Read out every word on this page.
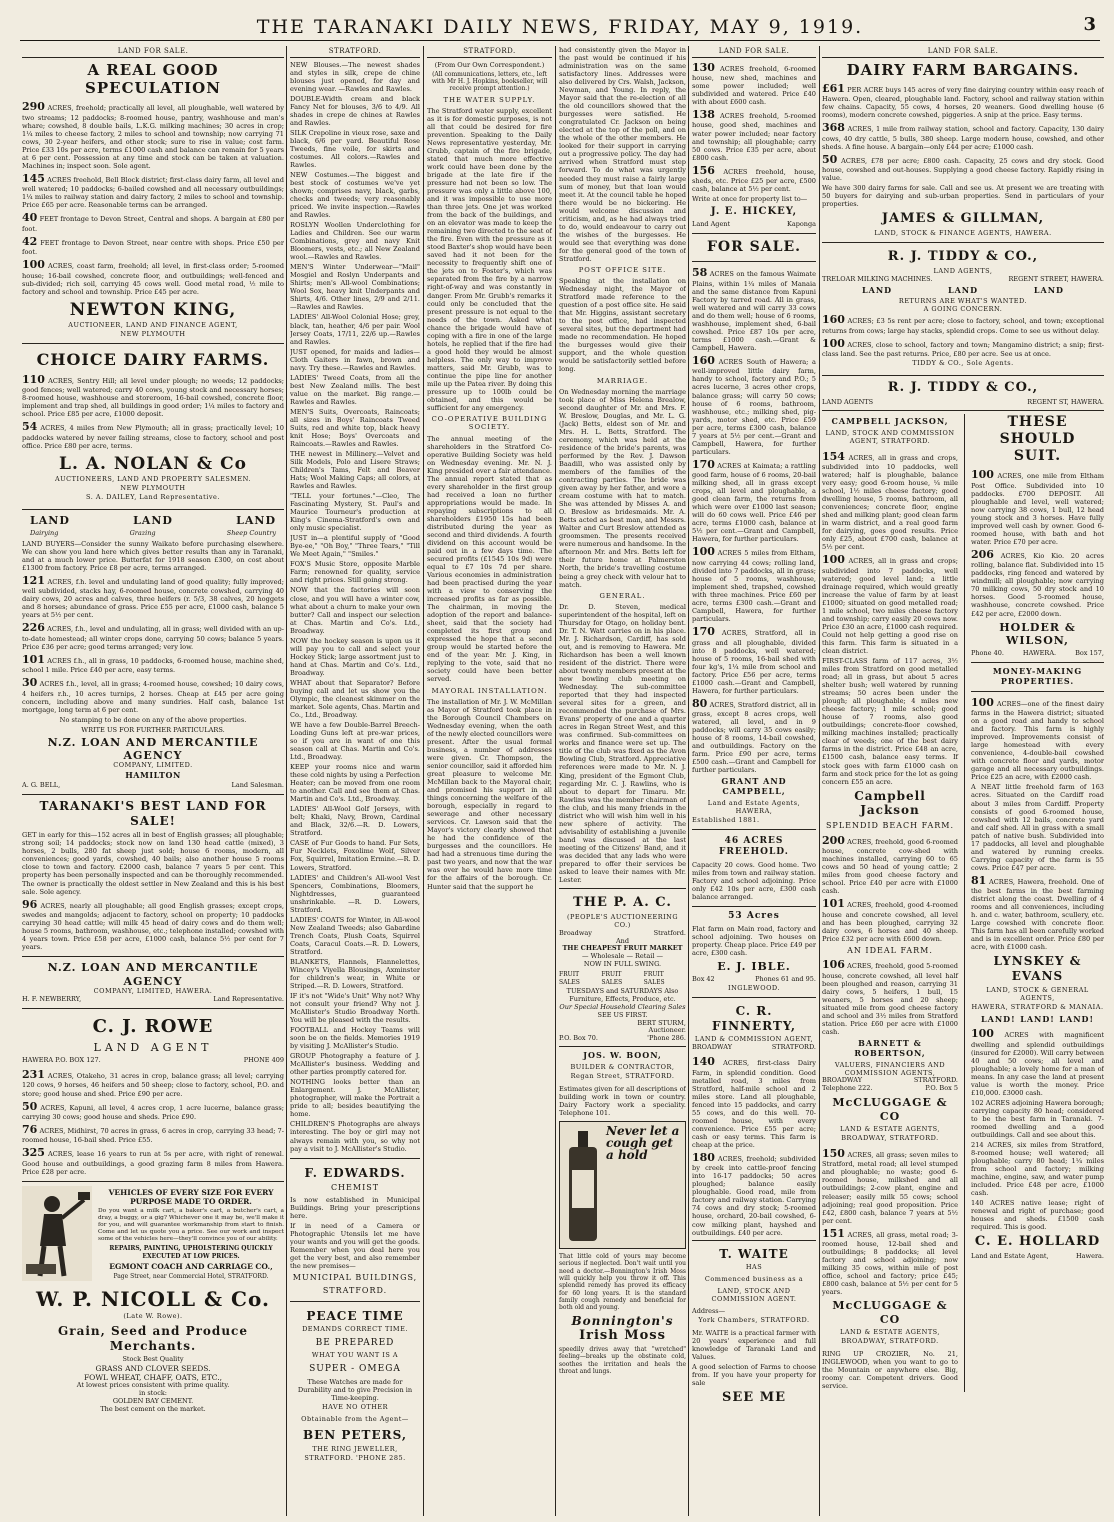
THE TARANAKI DAILY NEWS, FRIDAY, MAY 9, 1919.	3
LAND FOR SALE.
A REAL GOOD SPECULATION

290 ACRES, freehold; practically all level, all ploughable, well watered by two streams; 12 paddocks; 8-roomed house, pantry, washhouse and man's whare; cowshed, 8 double bails, L.K.G. milking machines; 30 acres in crop; 1¼ miles to cheese factory, 2 miles to school and township; now carrying 71 cows, 30 2-year heifers, and other stock; sure to rise in value; cost farm. Price £33 10s per acre, terms £1000 cash and balance can remain for 5 years at 6 per cent. Possession at any time and stock can be taken at valuation. Machines in; inspect soon. Sole agent.

145 ACRES freehold, Bell Block district; first-class dairy farm, all level and well watered; 10 paddocks; 6-bailed cowshed and all necessary outbuildings; 1¼ miles to railway station and dairy factory, 2 miles to school and township. Price £65 per acre. Reasonable terms can be arranged.

40 FEET frontage to Devon Street, Central and shops. A bargain at £80 per foot.

42 FEET frontage to Devon Street, near centre with shops. Price £50 per foot.

100 ACRES, coast farm, freehold; all level, in first-class order; 5-roomed house; 16-bail cowshed, concrete floor, and outbuildings; well-fenced and sub-divided; rich soil, carrying 45 cows well. Good metal road, ½ mile to factory and school and township. Price £45 per acre.

NEWTON KING,
AUCTIONEER, LAND AND FINANCE AGENT,
NEW PLYMOUTH
CHOICE DAIRY FARMS.

110 ACRES, Sentry Hill; all level under plough; no weeds; 12 paddocks; good fences; well watered; carry 40 cows, young stock and necessary horses; 8-roomed house, washhouse and storeroom, 16-bail cowshed, concrete floor, implement and trap shed, all buildings in good order; 1¼ miles to factory and school. Price £85 per acre, £1000 deposit.

54 ACRES, 4 miles from New Plymouth; all in grass; practically level; 10 paddocks watered by never failing streams, close to factory, school and post office. Price £80 per acre, terms.

L. A. NOLAN & Co
AUCTIONEERS, LAND AND PROPERTY SALESMEN.
NEW PLYMOUTH
S. A. DAILEY, Land Representative.
LAND	LAND	LAND
Dairying	Grazing	Sheep Country

LAND BUYERS—Consider the sunny Waikato before purchasing elsewhere. We can show you land here which gives better results than any in Taranaki, and at a much lower price. Butterfat for 1918 season £300, on cost about £1300 from factory. Price £8 per acre, terms arranged.

121 ACRES, f.h. level and undulating land of good quality; fully improved; well subdivided, stacks hay, 6-roomed house, concrete cowshed, carrying 40 dairy cows, 20 acres and calves, three heifers (r. 5/3, 38 calves, 20 hoggets and 8 horses; abundance of grass. Price £55 per acre, £1000 cash, balance 5 years at 5½ per cent.

226 ACRES, f.h., level and undulating, all in grass; well divided with an up-to-date homestead; all winter crops done, carrying 50 cows; balance 5 years. Price £36 per acre; good terms arranged; very low.

101 ACRES f.h., all in grass, 10 paddocks, 6-roomed house, machine shed, school 1 mile. Price £40 per acre, easy terms.

30 ACRES f.h., level, all in grass; 4-roomed house, cowshed; 10 dairy cows, 4 heifers r.h., 10 acres turnips, 2 horses. Cheap at £45 per acre going concern, including above and many sundries. Half cash, balance 1st mortgage, long term at 6 per cent.

No stamping to be done on any of the above properties.

WRITE US FOR FURTHER PARTICULARS.

N.Z. LOAN AND MERCANTILE AGENCY
COMPANY, LIMITED.
HAMILTON
A. G. BELL,	Land Salesman.
TARANAKI'S BEST LAND FOR SALE!

GET in early for this—152 acres all in best of English grasses; all ploughable; strong soil; 14 paddocks; stock now on land 130 head cattle (mixed), 3 horses, 2 bulls, 280 fat sheep just sold; house 6 rooms, modern, all conveniences; good yards, cowshed, 40 bails; also another house 5 rooms close to town and factory. £2000 cash, balance 7 years 5 per cent. This property has been personally inspected and can be thoroughly recommended. The owner is practically the oldest settler in New Zealand and this is his best sale. Sole agency.

96 ACRES, nearly all ploughable; all good English grasses; except crops, swedes and mangolds; adjacent to factory, school on property; 10 paddocks carrying 30 head cattle; will milk 45 head of dairy cows and do them well; house 5 rooms, bathroom, washhouse, etc.; telephone installed; cowshed with 4 years town. Price £58 per acre, £1000 cash, balance 5½ per cent for 7 years.

N.Z. LOAN AND MERCANTILE AGENCY
COMPANY, LIMITED, HAWERA.
H. F. NEWBERRY,	Land Representative.
C. J. ROWE
LAND AGENT
HAWERA P.O. BOX 127.	PHONE 409

231 ACRES, Otakeho, 31 acres in crop, balance grass; all level; carrying 120 cows, 9 horses, 46 heifers and 50 sheep; close to factory, school, P.O. and store; good house and shed. Price £90 per acre.

50 ACRES, Kapuni, all level, 4 acres crop, 1 acre lucerne, balance grass; carrying 30 cows; good house and sheds. Price £90.

76 ACRES, Midhirst, 70 acres in grass, 6 acres in crop, carrying 33 head; 7-roomed house, 16-bail shed. Price £55.

325 ACRES, lease 16 years to run at 5s per acre, with right of renewal. Good house and outbuildings, a good grazing farm 8 miles from Hawera. Price £28 per acre.

VEHICLES OF EVERY SIZE FOR EVERY PURPOSE MADE TO ORDER.

Do you want a milk cart, a baker's cart, a butcher's cart, a dray, a buggy, or a gig? Whichever one it may be, we'll make it for you, and will guarantee workmanship from start to finish. Come and let us quote you a price. See our work and inspect some of the vehicles here—they'll convince you of our ability.

REPAIRS, PAINTING, UPHOLSTERING QUICKLY EXECUTED AT LOW PRICES.

EGMONT COACH AND CARRIAGE CO.,

Page Street, near Commercial Hotel, STRATFORD.

W. P. NICOLL & Co.
(Late W. Rowe).
Grain, Seed and Produce Merchants.
Stock Best Quality
GRASS AND CLOVER SEEDS.
FOWL WHEAT, CHAFF, OATS, ETC.,
At lowest prices consistent with prime quality.
in stock:
GOLDEN BAY CEMENT.
The best cement on the market.
STRATFORD.

NEW Blouses.—The newest shades and styles in silk, crepe de chine blouses just opened, for day and evening wear. —Rawles and Rawles.

DOUBLE-Width cream and black Fancy Net for blouses, 3/6 to 4/9. All shades in crepe de chines at Rawles and Rawles.

SILK Crepoline in vieux rose, saxe and black, 6/6 per yard. Beautiful Rose Tweeds, fine voile, for skirts and costumes. All colors.—Rawles and Rawles.

NEW Costumes.—The biggest and best stock of costumes we've yet shown; comprises navy, black, garbs, checks and tweeds; very reasonably priced. We invite inspection.—Rawles and Rawles.

ROSLYN Woollen Underclothing for Ladies and Children. See our warm Combinations, grey and navy Knit Bloomers, vests, etc.; all New Zealand wool.—Rawles and Rawles.

MEN'S Winter Underwear—"Mail" Mosgiel and Roslyn Underpants and Shirts; men's All-wool Combinations; Wool Sox, heavy knit Underpants and Shirts, 4/6. Other lines, 2/9 and 2/11.—Rawles and Rawles.

LADIES' All-Wool Colonial Hose; grey, black, tan, heather, 4/6 per pair. Wool Jersey Coats, 17/11, 22/6 up.—Rawles and Rawles.

JUST opened, for maids and ladies—Cloth Gaiters in fawn, brown and navy. Try these.—Rawles and Rawles.

LADIES' Tweed Coats, from all the best New Zealand mills. The best value on the market. Big range.—Rawles and Rawles.

MEN'S Suits, Overcoats, Raincoats; all sizes in Boys' Raincoats Tweed Suits, red and white top, black heavy knit Hose; Boys' Overcoats and Raincoats.—Rawles and Rawles.

THE newest in Millinery.—Velvet and Silk Models, Polo and Lisere Straws; Children's Tams, Felt and Beaver Hats; Wool Making Caps; all colors, at Rawles and Rawles.

"TELL your fortunes."—Cleo, The Fascinating Mystery, St. Paul's and Maurice Tourneur's production at King's Cinema-Stratford's own and only music specialist.

JUST in—a plentiful supply of "Good Bye-ee," "Oh Boy," "Three Tears," "Till We Meet Again," "Smiles."

FOX'S Music Store, opposite Marble Farm; renowned for quality, service and right prices. Still going strong.

NOW that the factories will soon close, and you will have a winter cow, what about a churn to make your own butter? Call and inspect our selection at Chas. Martin and Co's. Ltd., Broadway.

NOW the hockey season is upon us it will pay you to call and select your Hockey Stick; large assortment just to hand at Chas. Martin and Co's. Ltd., Broadway.

WHAT about that Separator? Before buying call and let us show you the Olympic, the cleanest skimmer on the market. Sole agents, Chas. Martin and Co., Ltd., Broadway.

WE have a few Double-Barrel Breech-Loading Guns left at pre-war prices, so if you are in want of one this season call at Chas. Martin and Co's. Ltd., Broadway.

KEEP your rooms nice and warm these cold nights by using a Perfection Heater; can be moved from one room to another. Call and see them at Chas. Martin and Co's. Ltd., Broadway.

LADIES' All-Wool Golf Jerseys, with belt; Khaki, Navy, Brown, Cardinal and Black, 32/6.—R. D. Lowers, Stratford.

CASE of Fur Goods to hand. Fur Sets, Fur Necklets, Foxolime Wolf, Silver Fox, Squirrel, Imitation Ermine.—R. D. Lowers, Stratford.

LADIES' and Children's All-wool Vest Spencers, Combinations, Bloomers, Nightdresses, guaranteed unshrinkable. —R. D. Lowers, Stratford.

LADIES' COATS for Winter, in All-wool New Zealand Tweeds; also Gabardine Trench Coats, Plush Coats, Squirrel Coats, Caracul Coats.—R. D. Lowers, Stratford.

BLANKETS, Flannels, Flannelettes, Wincey's Viyella Blousings, Axminster for children's wear, in White or Striped.—R. D. Lowers, Stratford.

IF it's not "Wide's Unit" Why not? Why not consult your friend? Why not J. McAllister's Studio Broadway North. You will be pleased with the results.

FOOTBALL and Hockey Teams will soon be on the fields. Memories 1919 by visiting J. McAllister's Studio.

GROUP Photography a feature of J. McAllister's business. Wedding and other parties promptly catered for.

NOTHING looks better than an Enlargement. J. McAllister, photographer, will make the Portrait a pride to all; besides beautifying the home.

CHILDREN'S Photographs are always interesting. The boy or girl may not always remain with you, so why not pay a visit to J. McAllister's Studio.

F. EDWARDS.
CHEMIST

Is now established in Municipal Buildings. Bring your prescriptions here.

If in need of a Camera or Photographic Utensils let me have your wants and you will get the goods. Remember when you deal here you get the very best, and also remember the new premises—

MUNICIPAL BUILDINGS,
STRATFORD.
PEACE TIME
DEMANDS CORRECT TIME.
BE PREPARED
WHAT YOU WANT IS A
SUPER - OMEGA

These Watches are made for Durability and to give Precision in Time-keeping.

HAVE NO OTHER
Obtainable from the Agent—
BEN PETERS,
THE RING JEWELLER,
STRATFORD. 'PHONE 285.
STRATFORD.

(From Our Own Correspondent.)

(All communications, letters, etc., left with Mr H. J. Hopkins, bookseller, will receive prompt attention.)

THE WATER SUPPLY.

The Stratford water supply, excellent as it is for domestic purposes, is not all that could be desired for fire prevention. Speaking to the Daily News representative yesterday, Mr. Grubb, captain of the fire brigade, stated that much more effective work could have been done by the brigade at the late fire if the pressure had not been so low. The pressure was only a little above 100, and it was impossible to use more than three jets. One jet was worked from the back of the buildings, and on an elevator was made to keep the remaining two directed to the seat of the fire. Even with the pressure as it stood Baxter's shop would have been saved had it not been for the necessity to frequently shift one of the jets on to Foster's, which was separated from the fire by a narrow right-of-way and was constantly in danger. From Mr. Grubb's remarks it could only be concluded that the present pressure is not equal to the needs of the town. Asked what chance the brigade would have of coping with a fire in one of the large hotels, he replied that if the fire had a good hold they would be almost helpless. The only way to improve matters, said Mr. Grubb, was to continue the pipe line for another mile up the Patea river. By doing this pressure up to 100lb could be obtained, and this would be sufficient for any emergency.

CO-OPERATIVE BUILDING SOCIETY.

The annual meeting of the shareholders in the Stratford Co-operative Building Society was held on Wednesday evening. Mr. N. J. King presided over a fair attendance. The annual report stated that as every shareholder in the first group had received a loan no further appropriations would be made. In repaying subscriptions to all shareholders £1950 15s had been distributed during the year as second and third dividends. A fourth dividend on this account would be paid out in a few days time. The secured profits (£1545 10s 9d) were equal to £7 10s 7d per share. Various economies in administration had been practised during the year with a view to conserving the increased profits as far as possible. The chairman, in moving the adoption of the report and balance-sheet, said that the society had completed its first group and expressed the hope that a second group would be started before the end of the year. Mr. J. King, in replying to the vote, said that no society could have been better served.

MAYORAL INSTALLATION.

The installation of Mr. J. W. McMillan as Mayor of Stratford took place in the Borough Council Chambers on Wednesday evening, when the oath of the newly elected councillors were present. After the usual formal business, a number of addresses were given. Cr. Thompson, the senior councillor, said it afforded him great pleasure to welcome Mr. McMillan back to the Mayoral chair, and promised his support in all things concerning the welfare of the borough, especially in regard to sewerage and other necessary services. Cr. Lawson said that the Mayor's victory clearly showed that he had the confidence of the burgesses and the councillors. He had had a strenuous time during the past two years, and now that the war was over he would have more time for the affairs of the borough. Cr. Hunter said that the support he

had consistently given the Mayor in the past would be continued if his administration was on the same satisfactory lines. Addresses were also delivered by Crs. Walsh, Jackson, Newman, and Young. In reply, the Mayor said that the re-election of all the old councillors showed that the burgesses were satisfied. He congratulated Cr. Jackson on being elected at the top of the poll, and on the whole of the other members. He looked for their support in carrying out a progressive policy. The day had arrived when Stratford must step forward. To do what was urgently needed they must raise a fairly large sum of money, but that loan would meet it. At the council table he hoped there would be no bickering. He would welcome discussion and criticism, and, as he had always tried to do, would endeavour to carry out the wishes of the burgesses. He would see that everything was done for the general good of the town of Stratford.

POST OFFICE SITE.

Speaking at the installation on Wednesday night, the Mayor of Stratford made reference to the question of a post office site. He said that Mr. Higgins, assistant secretary to the post office, had inspected several sites, but the department had made no recommendation. He hoped the burgesses would give their support, and the whole question would be satisfactorily settled before long.

MARRIAGE.

On Wednesday morning the marriage took place of Miss Helena Brealow, second daughter of Mr. and Mrs. F. W. Breslow, Douglas, and Mr. L. G. (Jack) Betts, eldest son of Mr. and Mrs. H. L. Betts, Stratford. The ceremony, which was held at the residence of the bride's parents, was performed by the Rev. J. Dawson Baadill, who was assisted only by members of the families of the contracting parties. The bride was given away by her father, and wore a cream costume with hat to match. She was attended by Misses A. and O. Breslow as bridesmaids. Mr. A. Betts acted as best man, and Messrs. Walter and Curt Breslow attended as groomsmen. The presents received were numerous and handsome. In the afternoon Mr. and Mrs. Betts left for their future home at Palmerston North, the bride's travelling costume being a grey check with velour hat to match.

GENERAL.

Dr. D. Steven, medical superintendent of the hospital, left on Thursday for Otago, on holiday bent. Dr. T. N. Watt carries on in his place. Mr. J. Richardson, Cardiff, has sold out, and is removing to Hawera. Mr. Richardson has been a well known resident of the district. There were about twenty members present at the new bowling club meeting on Wednesday. The sub-committee reported that they had inspected several sites for a green, and recommended the purchase of Mrs. Evans' property of one and a quarter acres in Regan Street West, and this was confirmed. Sub-committees on works and finance were set up. The title of the club was fixed as the Avon Bowling Club, Stratford. Appreciative references were made to Mr. N. J. King, president of the Egmont Club, regarding Mr. C. J. Rawlins, who is about to depart for Timaru. Mr. Rawlins was the member chairman of the club, and his many friends in the district who will wish him well in his new sphere of activity. The advisability of establishing a juvenile band was discussed at the last meeting of the Citizens' Band, and it was decided that any lads who were prepared to offer their services be asked to leave their names with Mr. Lester.

THE P. A. C.
(PEOPLE'S AUCTIONEERING CO.)
Broadway	Stratford.
And
THE CHEAPEST FRUIT MARKET
— Wholesale — Retail —
NOW IN FULL SWING.
FRUIT SALES
FRUIT SALES
FRUIT SALES
TUESDAYS and SATURDAYS Also Furniture, Effects, Produce, etc.
Our Special Household Clearing Sales
SEE US FIRST.
BERT STURM,
Auctioneer.
P.O. Box 70.	'Phone 286.
JOS. W. BOON,
BUILDER & CONTRACTOR,
Regan Street, STRATFORD.

Estimates given for all descriptions of building work in town or country. Dairy Factory work a speciality. Telephone 101.

Never let a
cough get
a hold

That little cold of yours may become serious if neglected. Don't wait until you need a doctor.—Bonnington's Irish Moss will quickly help you throw it off. This splendid remedy has proved its efficacy for 60 long years. It is the standard family cough remedy and beneficial for both old and young.

Bonnington's
Irish Moss

speedily drives away that "wretched" feeling—breaks up the obstinate cold, soothes the irritation and heals the throat and lungs.

LAND FOR SALE.

130 ACRES freehold, 6-roomed house, new shed, machines and some power included; well subdivided and watered. Price £40 with about £600 cash.

138 ACRES freehold, 5-roomed house, good shed, machines and water power included; near factory and township; all ploughable; carry 50 cows. Price £35 per acre, about £800 cash.

156 ACRES freehold, house, sheds, etc. Price £25 per acre, £500 cash, balance at 5½ per cent.

Write at once for property list to—

J. E. HICKEY,
Land Agent	Kaponga
FOR SALE.

58 ACRES on the famous Waimate Plains, within 1¼ miles of Manaia and the same distance from Kapuni Factory by tarred road. All in grass, well watered and will carry 33 cows and do them well; house of 6 rooms, washhouse, implement shed, 6-bail cowshed. Price £87 10s per acre, terms £1000 cash.—Grant & Campbell, Hawera.

160 ACRES South of Hawera; a well-improved little dairy farm, handy to school, factory and P.O.; 5 acres lucerne, 3 acres other crops, balance grass; will carry 50 cows; house of 6 rooms, bathroom, washhouse, etc.; milking shed, pig-yards, motor shed, etc. Price £59 per acre, terms £300 cash, balance 7 years at 5½ per cent.—Grant and Campbell, Hawera, for further particulars.

170 ACRES at Kaimata; a rattling good farm, house of 6 rooms, 20-bail milking shed, all in grass except crops, all level and ploughable, a good clean farm, the returns from which were over £1000 last season; will do 60 cows well. Price £46 per acre, terms £1000 cash, balance at 5½ per cent.—Grant and Campbell, Hawera, for further particulars.

100 ACRES 5 miles from Eltham, now carrying 44 cows; rolling land, divided into 7 paddocks, all in grass; house of 5 rooms, washhouse, implement shed, trapshed, cowshed with three machines. Price £60 per acre, terms £300 cash.—Grant and Campbell, Hawera, for further particulars.

170 ACRES, Stratford, all in grass and all ploughable, divided into 8 paddocks, well watered; house of 5 rooms, 16-bail shed with four kg's, 1¼ mile from school and factory. Price £56 per acre, terms £1000 cash.—Grant and Campbell, Hawera, for further particulars.

80 ACRES, Stratford district, all in grass, except 8 acres crops, well watered, all level, and in 9 paddocks; will carry 35 cows easily; house of 8 rooms, 14-bail cowshed, and outbuildings. Factory on the farm. Price £90 per acre, terms £500 cash.—Grant and Campbell for further particulars.

GRANT AND CAMPBELL,
Land and Estate Agents,
HAWERA,
Established 1881.
46 ACRES FREEHOLD.

Capacity 20 cows. Good home. Two miles from town and railway station. Factory and school adjoining. Price only £42 10s per acre, £300 cash balance arranged.

53 Acres

Flat farm on Main road, factory and school adjoining. Two houses on property. Cheap place. Price £49 per acre, £300 cash.

E. J. IBLE.
Box 42	Phones 61 and 95.
INGLEWOOD.
C. R. FINNERTY,
LAND & COMMISSION AGENT,
BROADWAY	STRATFORD.

140 ACRES, first-class Dairy Farm, in splendid condition. Good metalled road, 3 miles from Stratford, half-mile school and 2 miles store. Land all ploughable, fenced into 15 paddocks, and carry 55 cows, and do this well. 70-roomed house, with every convenience. Price £55 per acre; cash or easy terms. This farm is cheap at the price.

180 ACRES, freehold; subdivided by creek into cattle-proof fencing into 16-17 paddocks; 50 acres ploughed; balance easily ploughable. Good road, mile from factory and railway station. Carrying 74 cows and dry stock; 5-roomed house, orchard, 20-bail cowshed, 6-cow milking plant, hayshed and outbuildings. £40 per acre.

T. WAITE
HAS
Commenced business as a
LAND, STOCK AND COMMISSION AGENT.
Address—
York Chambers, STRATFORD.

Mr. WAITE is a practical farmer with 20 years' experience and full knowledge of Taranaki Land and Values.

A good selection of Farms to choose from. If you have your property for sale

SEE ME
LAND FOR SALE.
DAIRY FARM BARGAINS.

£61 PER ACRE buys 145 acres of very fine dairying country within easy reach of Hawera. Open, cleared, ploughable land. Factory, school and railway station within few chains. Capacity, 55 cows, 4 horses, 20 weaners. Good dwelling house (6 rooms), modern concrete cowshed, piggeries. A snip at the price. Easy terms.

368 ACRES, 1 mile from railway station, school and factory. Capacity, 130 dairy cows, 40 dry cattle, 5 bulls, 380 sheep. Large modern house, cowshed, and other sheds. A fine house. A bargain—only £44 per acre; £1000 cash.

50 ACRES, £78 per acre; £800 cash. Capacity, 25 cows and dry stock. Good house, cowshed and out-houses. Supplying a good cheese factory. Rapidly rising in value.

We have 300 dairy farms for sale. Call and see us. At present we are treating with 50 buyers for dairying and sub-urban properties. Send in particulars of your properties.

JAMES & GILLMAN,
LAND, STOCK & FINANCE AGENTS, HAWERA.
R. J. TIDDY & CO.,
LAND AGENTS,
TRELOAR MILKING MACHINES.	REGENT STREET, HAWERA.
LAND	LAND	LAND
RETURNS ARE WHAT'S WANTED.
A GOING CONCERN.

160 ACRES; £3 5s rent per acre; close to factory, school, and town; exceptional returns from cows; large hay stacks, splendid crops. Come to see us without delay.

100 ACRES, close to school, factory and town; Mangamino district; a snip; first-class land. See the past returns. Price, £80 per acre. See us at once.

TIDDY & CO., Sole Agents.
R. J. TIDDY & CO.,
LAND AGENTS	REGENT ST, HAWERA.
CAMPBELL JACKSON,
LAND, STOCK AND COMMISSION AGENT, STRATFORD.

154 ACRES, all in grass and crops, subdivided into 10 paddocks, well watered; half is ploughable, balance very easy; good 6-room house, ¼ mile school, 1½ miles cheese factory; good dwelling house, 5 rooms, bathroom, all conveniences; concrete floor, engine shed and milking plant; good clean farm in warm district, and a real good farm for dairying, goes good results. Price only £25, about £700 cash, balance at 5½ per cent.

100 ACRES, all in grass and crops; subdivided into 7 paddocks, well watered; good level land; a little drainage required, which would greatly increase the value of farm by at least £1000; situated on good metalled road; 1 mile school, two miles cheese factory and township; carry easily 20 cows now. Price £30 an acre, £1000 cash required. Could not help getting a good rise on this farm. This farm is situated in a clean district.

FIRST-CLASS farm of 117 acres, 3½ miles from Stratford on good metalled road; all in grass, but about 5 acres shelter bush; well watered by running streams; 50 acres been under the plough; all ploughable; 4 miles new cheese factory; 1 mile school; good house of 7 rooms, also good outbuildings; concrete-floor cowshed, milking machines installed; practically clear of weeds; one of the best dairy farms in the district. Price £48 an acre, £1500 cash, balance easy terms. If stock goes with farm £1000 cash on farm and stock price for the lot as going concern £55 an acre.

Campbell Jackson
SPLENDID BEACH FARM.

200 ACRES, freehold, good 6-roomed house, concrete cow-shed with machines installed, carrying 60 to 65 cows and 50 head of young cattle; 2 miles from good cheese factory and school. Price £40 per acre with £1000 cash.

101 ACRES, freehold, good 4-roomed house and concrete cowshed, all level and has been ploughed, carrying 32 dairy cows, 6 horses and 40 sheep. Price £32 per acre with £600 down.

AN IDEAL FARM.

106 ACRES, freehold, good 5-roomed house, concrete cowshed, all level half been ploughed and reason, carrying 31 dairy cows, 5 heifers, 1 bull, 15 weaners, 5 horses and 20 sheep; situated mile from good cheese factory and school and 3½ miles from Stratford station. Price £60 per acre with £1000 cash.

BARNETT & ROBERTSON,
VALUERS, FINANCIERS AND COMMISSION AGENTS,
BROADWAY	STRATFORD.
Telephone 222.	P.O. Box 5
McCLUGGAGE & CO
LAND & ESTATE AGENTS,
BROADWAY, STRATFORD.

150 ACRES, all grass; seven miles to Stratford, metal road; all level stumped and ploughable; no waste; good 6-roomed house, milkshed and all outbuildings; 2-cow plant, engine and releaser; easily milk 55 cows; school adjoining; real good proposition. Price £42, £800 cash, balance 7 years at 5½ per cent.

151 ACRES, all grass, metal road; 3-roomed house, 12-bail shed and outbuildings; 8 paddocks; all level factory and school adjoining; now milking 35 cows, within mile of post office, school and factory; price £45; £800 cash, balance at 5½ per cent for 5 years.

McCLUGGAGE & CO
LAND & ESTATE AGENTS,
BROADWAY, STRATFORD.

RING UP CROZIER, No. 21, INGLEWOOD, when you want to go to the Mountain or anywhere else. Big, roomy car. Competent drivers. Good service.

THESE SHOULD
SUIT.

100 ACRES, one mile from Eltham Post Office. Subdivided into 10 paddocks. £700 DEPOSIT. All ploughable and level, well watered; now carrying 38 cows, 1 bull, 12 head young stock and 3 horses. Have fully improved well cash by owner. Good 6-roomed house, with bath and hot water. Price £70 per acre.

206 ACRES, Kio Kio. 20 acres rolling, balance flat. Subdivided into 15 paddocks, ring fenced and watered by windmill; all ploughable; now carrying 70 milking cows, 50 dry stock and 10 horses. Good 5-roomed house, washhouse, concrete cowshed. Price £42 per acre, £2000 down.

HOLDER & WILSON,
Phone 40.	HAWERA.	Box 157,
MONEY-MAKING PROPERTIES.

100 ACRES—one of the finest dairy farms in the Hawera district; situated on a good road and handy to school and factory. This farm is highly improved. Improvements consist of large homestead with every convenience, 4-double-bail cowshed with concrete floor and yards, motor garage and all necessary outbuildings. Price £25 an acre, with £2000 cash.

A NEAT little freehold farm of 163 acres. Situated on the Cardiff road about 3 miles from Cardiff. Property consists of good 6-roomed house, cowshed with 12 bails, concrete yard and calf shed. All in grass with a small patch of native bush. Subdivided into 17 paddocks, all level and ploughable and watered by running creeks. Carrying capacity of the farm is 55 cows. Price £47 per acre.

81 ACRES, Hawera, freehold. One of the best farms in the best farming district along the coast. Dwelling of 4 rooms and all conveniences, including h. and c. water, bathroom, scullery, etc. Large cowshed with concrete floor. This farm has all been carefully worked and is in excellent order. Price £80 per acre, with £1000 cash.

LYNSKEY & EVANS
LAND, STOCK & GENERAL AGENTS,
HAWERA, STRATFORD & MANAIA.
LAND! LAND! LAND!

100 ACRES with magnificent dwelling and splendid outbuildings (insured for £2000). Will carry between 40 and 50 cows; all level and ploughable; a lovely home for a man of means. In any case the land at present value is worth the money. Price £10,000. £3000 cash.

102 ACRES adjoining Hawera borough; carrying capacity 80 head; considered to be the best farm in Taranaki. 7-roomed dwelling and a good outbuildings. Call and see about this.

214 ACRES, six miles from Stratford, 8-roomed house; well watered; all ploughable; carry 80 head; 1¼ miles from school and factory; milking machine, engine, saw, and water pump included. Price £48 per acre, £1000 cash.

140 ACRES native lease; right of renewal and right of purchase; good houses and sheds. £1500 cash required. This is good.

C. E. HOLLARD
Land and Estate Agent,	Hawera.
